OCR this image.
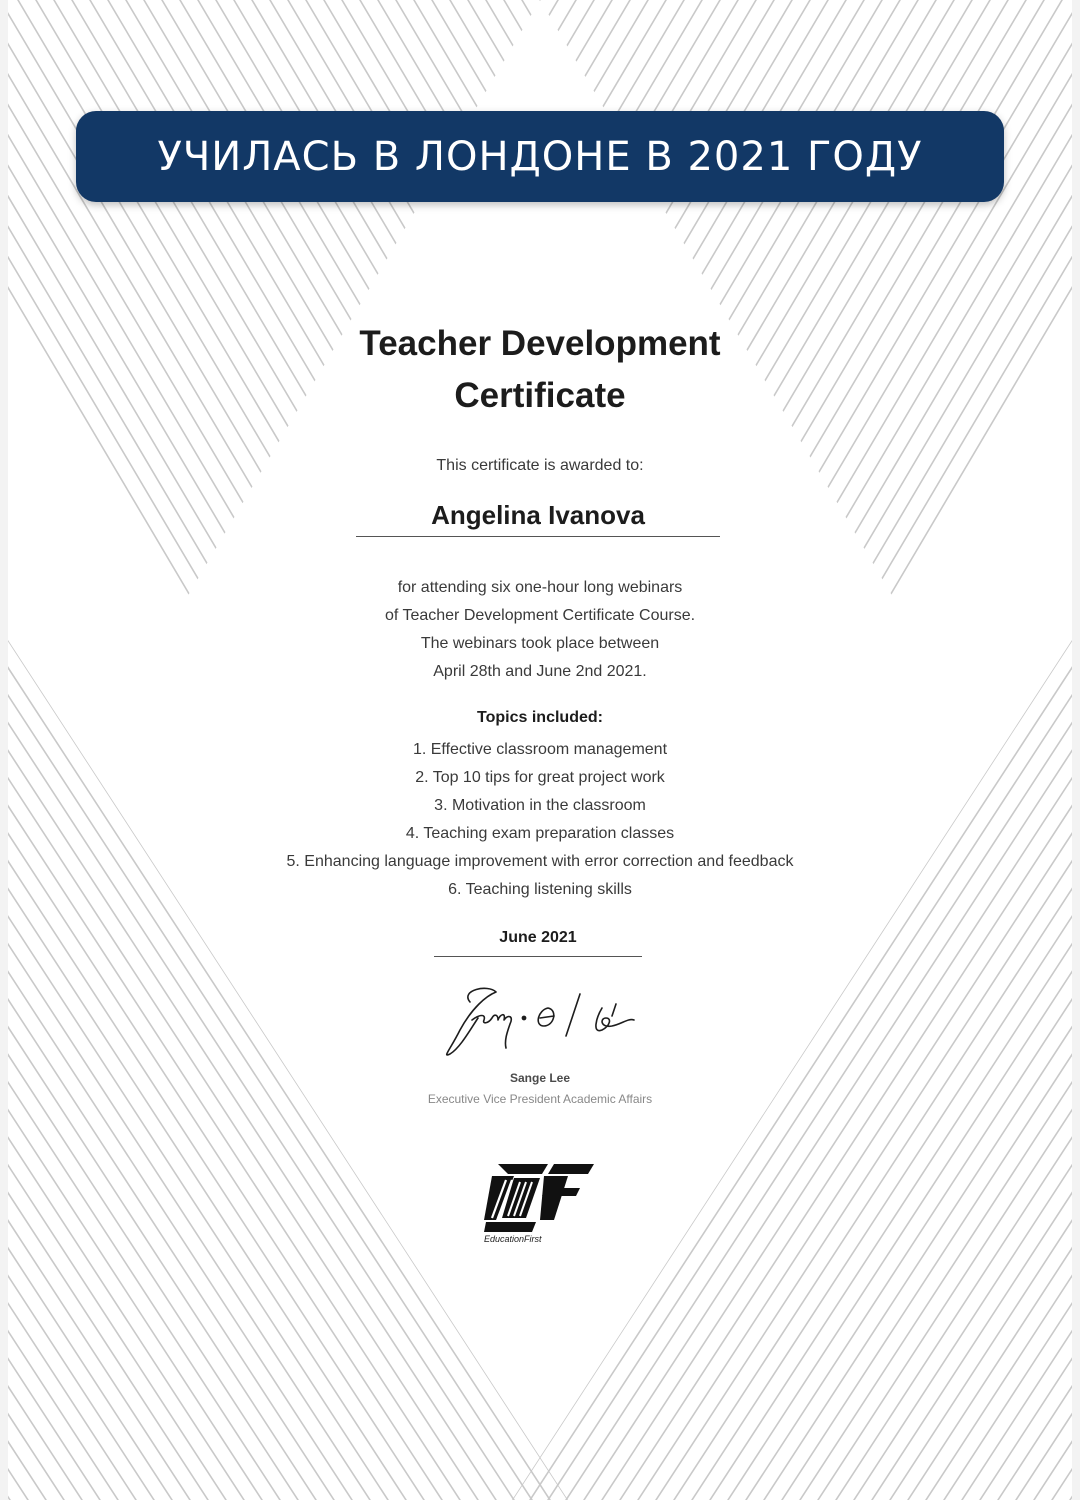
УЧИЛАСЬ В ЛОНДОНЕ В 2021 ГОДУ
Teacher Development
Certificate
This certificate is awarded to:
Angelina Ivanova
for attending six one-hour long webinars
of Teacher Development Certificate Course.
The webinars took place between
April 28th and June 2nd 2021.
Topics included:
1. Effective classroom management
2. Top 10 tips for great project work
3. Motivation in the classroom
4. Teaching exam preparation classes
5. Enhancing language improvement with error correction and feedback
6. Teaching listening skills
June 2021
Sange Lee
Executive Vice President Academic Affairs
EducationFirst
